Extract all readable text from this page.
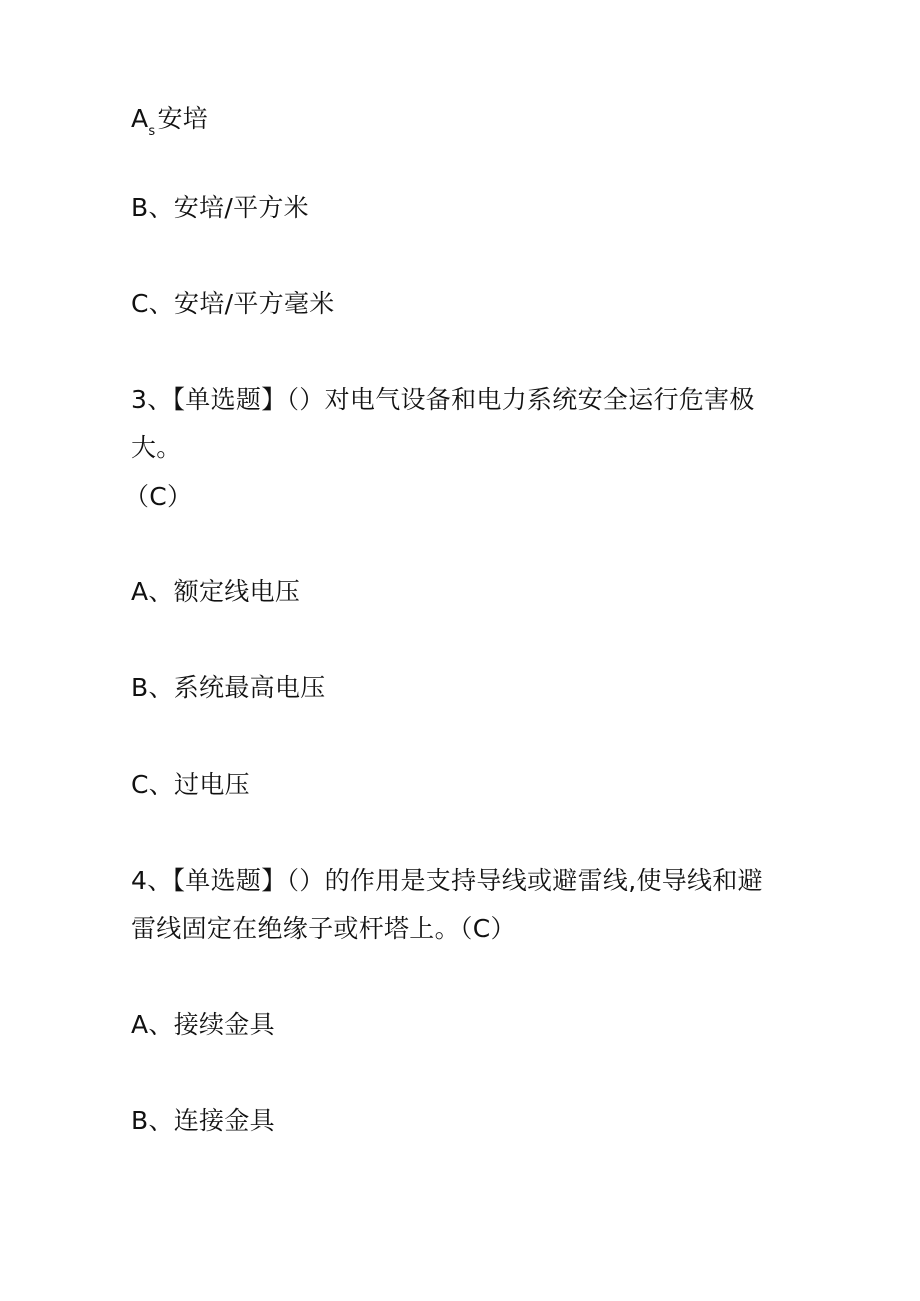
$A_s$安培
B、安培/平方米
C、安培/平方毫米
3、【单选题】（）对电气设备和电力系统安全运行危害极
大。
（C）
A、额定线电压
B、系统最高电压
C、过电压
4、【单选题】（）的作用是支持导线或避雷线,使导线和避
雷线固定在绝缘子或杆塔上。（C）
A、接续金具
B、连接金具
